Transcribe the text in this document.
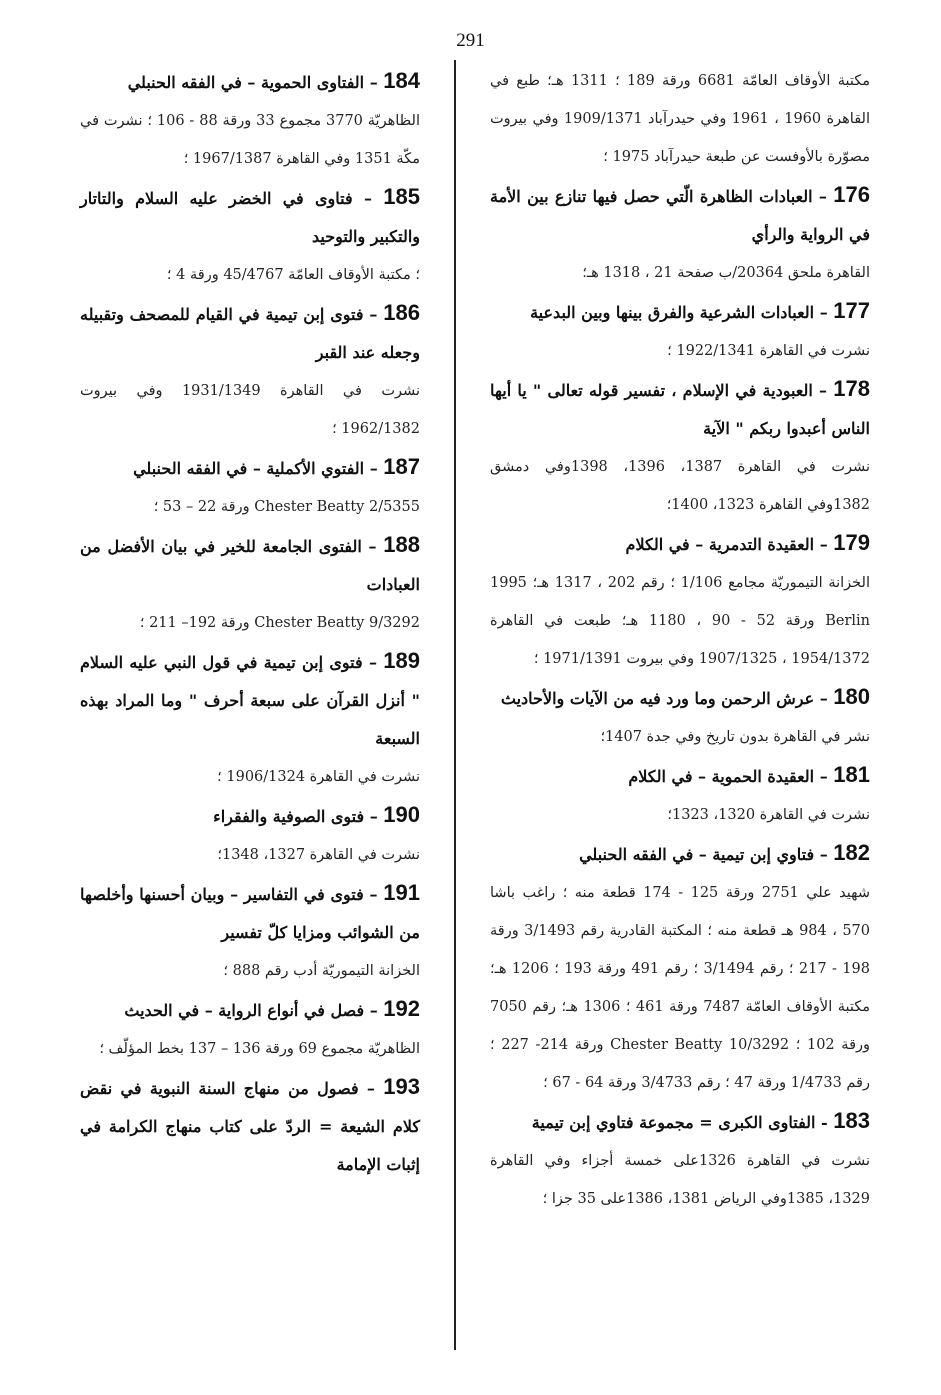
291

مكتبة الأوقاف العامّة 6681 ورقة 189 ؛ 1311 هـ؛ طبع في القاهرة 1960 ، 1961 وفي حيدرآباد 1909/1371 وفي بيروت مصوّرة بالأوفست عن طبعة حيدرآباد 1975 ؛

176 – العبادات الظاهرة الّتي حصل فيها تنازع بين الأمة في الرواية والرأي

القاهرة ملحق 20364/ب صفحة 21 ، 1318 هـ؛

177 – العبادات الشرعية والفرق بينها وبين البدعية

نشرت في القاهرة 1922/1341 ؛

178 – العبودية في الإسلام ، تفسير قوله تعالى " يا أيها الناس أعبدوا ربكم " الآية

نشرت في القاهرة 1387، 1396، 1398وفي دمشق 1382وفي القاهرة 1323، 1400؛

179 – العقيدة التدمرية – في الكلام

الخزانة التيموريّة مجامع 1/106 ؛ رقم 202 ، 1317 هـ؛ 1995 Berlin ورقة 52 - 90 ، 1180 هـ؛ طبعت في القاهرة 1954/1372 ، 1907/1325 وفي بيروت 1971/1391 ؛

180 – عرش الرحمن وما ورد فيه من الآيات والأحاديث

نشر في القاهرة بدون تاريخ وفي جدة 1407؛

181 – العقيدة الحموية – في الكلام

نشرت في القاهرة 1320، 1323؛

182 – فتاوي إبن تيمية – في الفقه الحنبلي

شهيد علي 2751 ورقة 125 - 174 قطعة منه ؛ راغب باشا 570 ، 984 هـ قطعة منه ؛ المكتبة القادرية رقم 3/1493 ورقة 198 - 217 ؛ رقم 3/1494 ؛ رقم 491 ورقة 193 ؛ 1206 هـ؛ مكتبة الأوقاف العامّة 7487 ورقة 461 ؛ 1306 هـ؛ رقم 7050 ورقة 102 ؛ Chester Beatty 10/3292 ورقة 214- 227 ؛ رقم 1/4733 ورقة 47 ؛ رقم 3/4733 ورقة 64 - 67 ؛

183 - الفتاوى الكبرى = مجموعة فتاوي إبن تيمية

نشرت في القاهرة 1326على خمسة أجزاء وفي القاهرة 1329، 1385وفي الرياض 1381، 1386على 35 جزا ؛

184 – الفتاوى الحموية – في الفقه الحنبلي

الظاهريّة 3770 مجموع 33 ورقة 88 - 106 ؛ نشرت في مكّة 1351 وفي القاهرة 1967/1387 ؛

185 – فتاوى في الخضر عليه السلام والتاتار والتكبير والتوحيد

؛ مكتبة الأوقاف العامّة 45/4767 ورقة 4 ؛

186 – فتوى إبن تيمية في القيام للمصحف وتقبيله وجعله عند القبر

نشرت في القاهرة 1931/1349 وفي بيروت 1962/1382 ؛

187 – الفتوي الأكملية – في الفقه الحنبلي

Chester Beatty 2/5355 ورقة 22 – 53 ؛

188 – الفتوى الجامعة للخير في بيان الأفضل من العبادات

Chester Beatty 9/3292 ورقة 192– 211 ؛

189 – فتوى إبن تيمية في قول النبي عليه السلام " أنزل القرآن على سبعة أحرف " وما المراد بهذه السبعة

نشرت في القاهرة 1906/1324 ؛

190 – فتوى الصوفية والفقراء

نشرت في القاهرة 1327، 1348؛

191 – فتوى في التفاسير – وبيان أحسنها وأخلصها من الشوائب ومزايا كلّ تفسير

الخزانة التيموريّة أدب رقم 888 ؛

192 – فصل في أنواع الرواية – في الحديث

الظاهريّة مجموع 69 ورقة 136 – 137 بخط المؤلّف ؛

193 – فصول من منهاج السنة النبوية في نقض كلام الشيعة = الردّ على كتاب منهاج الكرامة في إثبات الإمامة
